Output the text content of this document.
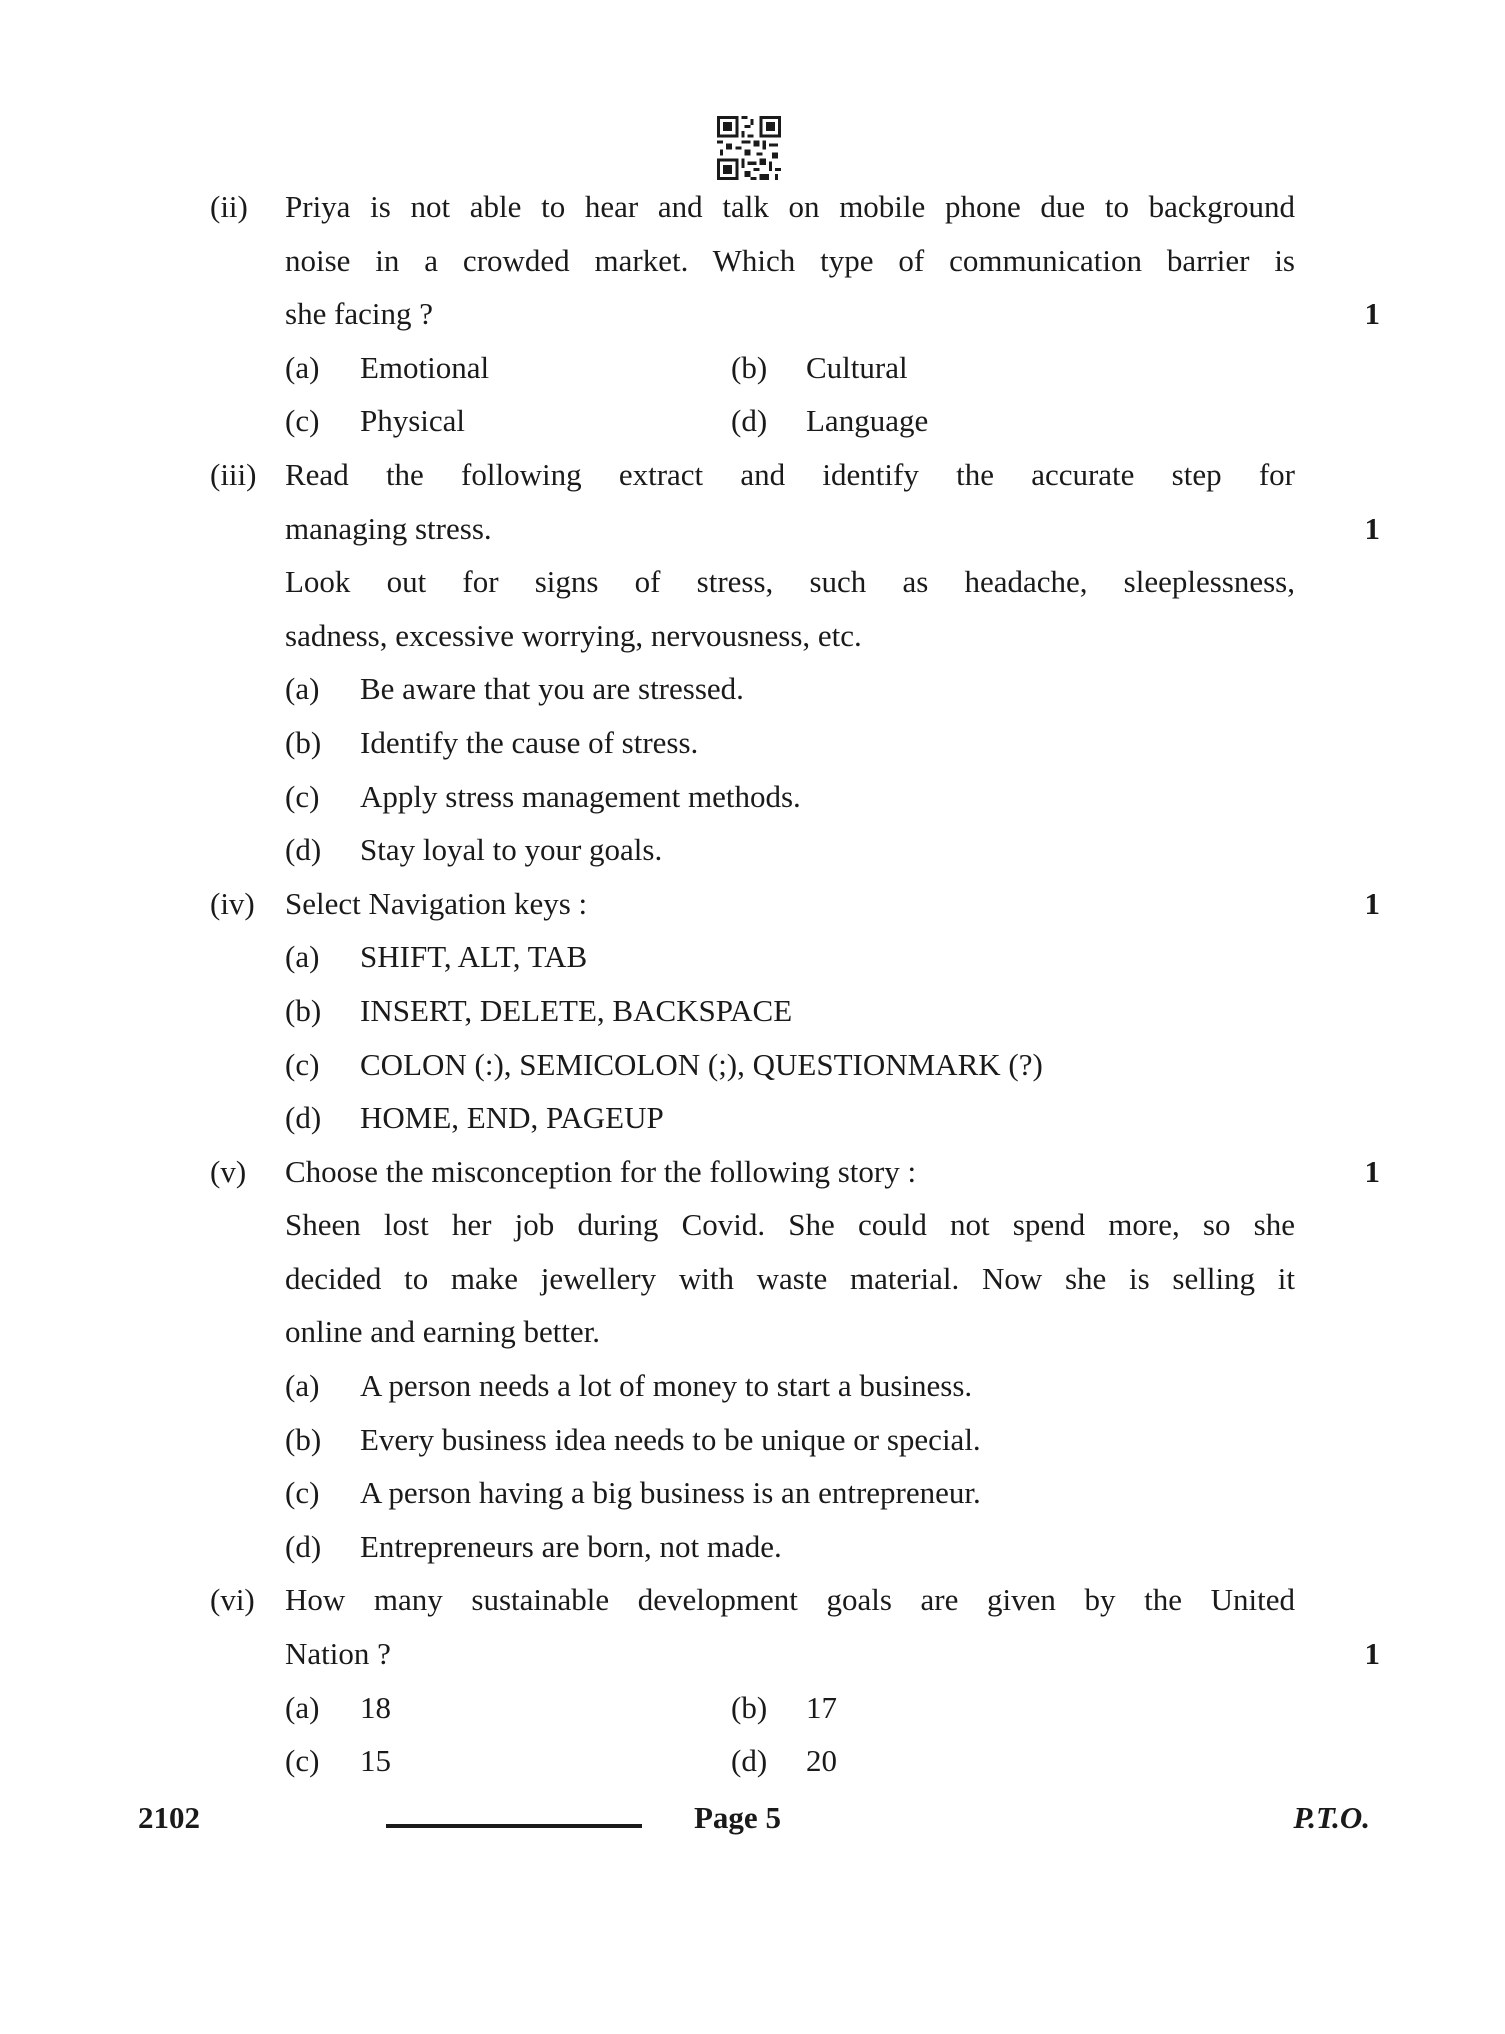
(ii)	Priya is not able to hear and talk on mobile phone due to background
noise in a crowded market. Which type of communication barrier is
she facing ?	1
(a)	Emotional	(b)	Cultural
(c)	Physical	(d)	Language
(iii) Read the following extract and identify the accurate step for
managing stress.	1
Look out for signs of stress, such as headache, sleeplessness,
sadness, excessive worrying, nervousness, etc.
(a)	Be aware that you are stressed.
(b)	Identify the cause of stress.
(c)	Apply stress management methods.
(d)	Stay loyal to your goals.
(iv) Select Navigation keys :	1
(a)	SHIFT, ALT, TAB
(b)	INSERT, DELETE, BACKSPACE
(c)	COLON (:), SEMICOLON (;), QUESTIONMARK (?)
(d)	HOME, END, PAGEUP
(v)	Choose the misconception for the following story :	1
Sheen lost her job during Covid. She could not spend more, so she
decided to make jewellery with waste material. Now she is selling it
online and earning better.
(a)	A person needs a lot of money to start a business.
(b)	Every business idea needs to be unique or special.
(c)	A person having a big business is an entrepreneur.
(d)	Entrepreneurs are born, not made.
(vi) How many sustainable development goals are given by the United
Nation ?	1
(a)	18	(b)	17
(c)	15	(d)	20
2102	Page 5	P.T.O.
